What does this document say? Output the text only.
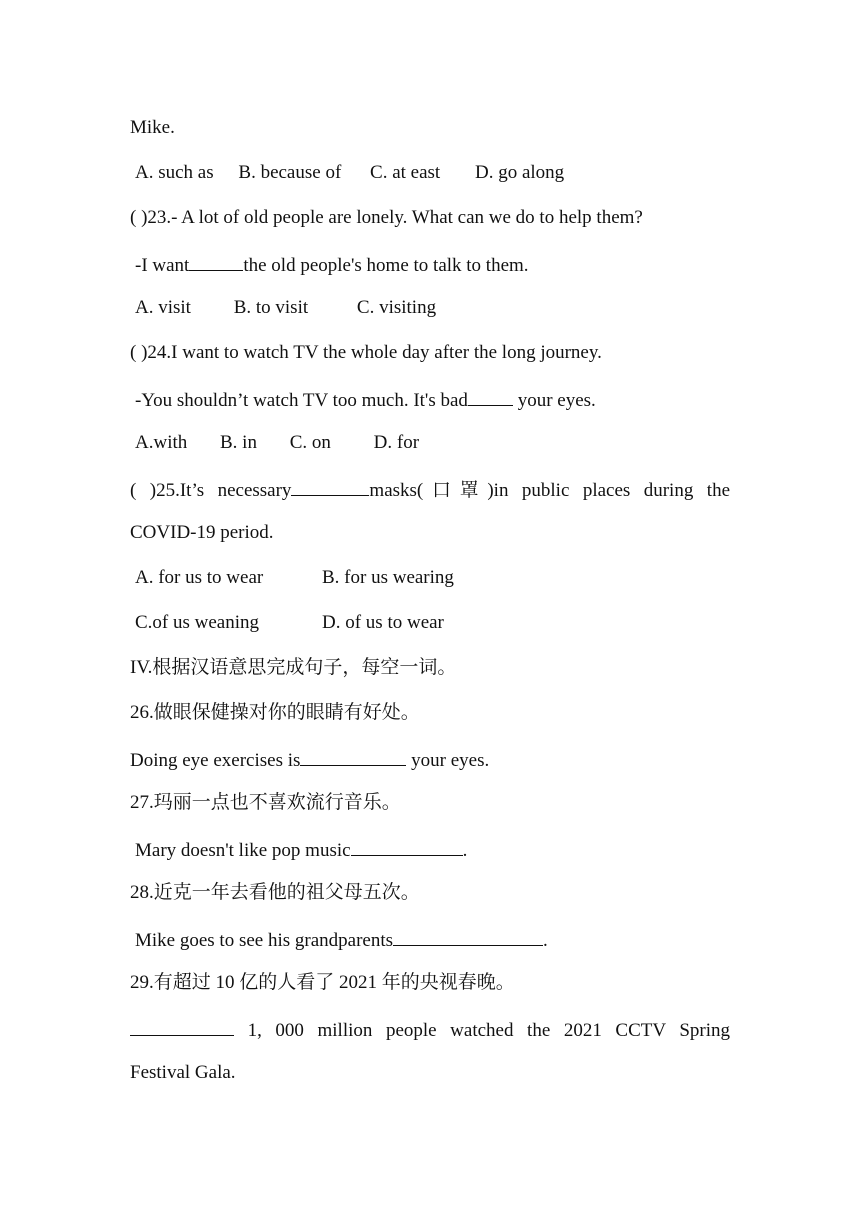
Mike.
A. such as B. because of C. at east D. go along
( )23.- A lot of old people are lonely. What can we do to help them?
-I want	the old people's home to talk to them.
A. visit B. to visit	C. visiting
( )24.I want to watch TV the whole day after the long journey.
-You shouldn’t watch TV too much. It's bad your eyes.
A.with B. in C. on D. for
( )25.It’s necessary	masks(口罩)in public places during the
COVID-19 period.
A. for us to wear	B. for us wearing
C.of us weaning	D. of us to wear
IV.根据汉语意思完成句子，每空一词。
26.做眼保健操对你的眼睛有好处。
Doing eye exercises is	your eyes.
27.玛丽一点也不喜欢流行音乐。
Mary doesn't like pop music	.
28.近克一年去看他的祖父母五次。
Mike goes to see his grandparents	.
29.有超过 10 亿的人看了 2021 年的央视春晚。
1, 000 million people watched the 2021 CCTV Spring
Festival Gala.
